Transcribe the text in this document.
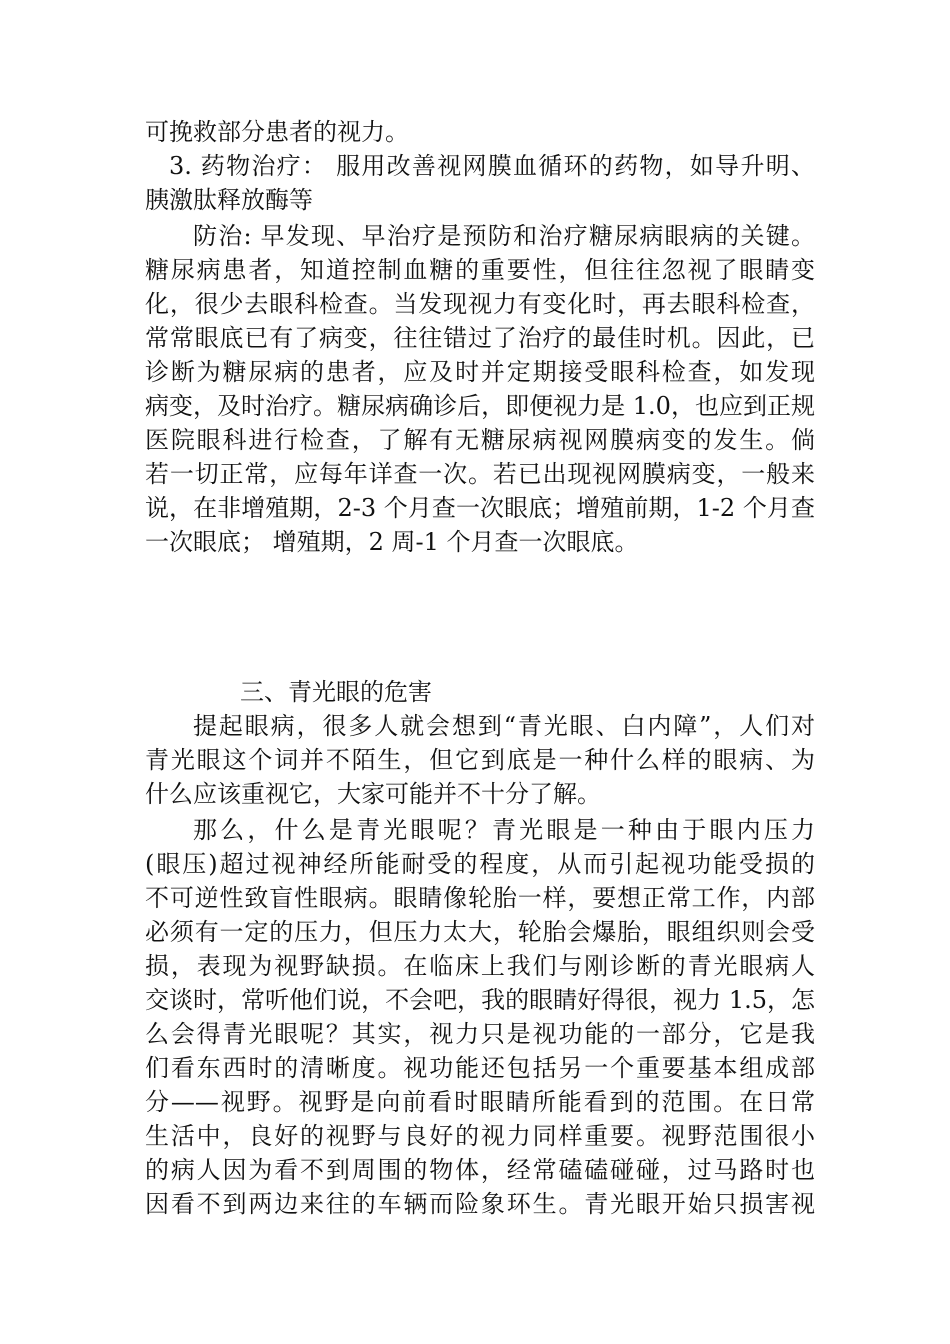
可挽救部分患者的视力。
3. 药物治疗： 服用改善视网膜血循环的药物，如导升明、
胰激肽释放酶等
防治: 早发现、早治疗是预防和治疗糖尿病眼病的关键。
糖尿病患者，知道控制血糖的重要性，但往往忽视了眼睛变
化，很少去眼科检查。当发现视力有变化时，再去眼科检查，
常常眼底已有了病变，往往错过了治疗的最佳时机。因此，已
诊断为糖尿病的患者，应及时并定期接受眼科检查，如发现
病变，及时治疗。糖尿病确诊后，即便视力是 1.0，也应到正规
医院眼科进行检查，了解有无糖尿病视网膜病变的发生。倘
若一切正常，应每年详查一次。若已出现视网膜病变，一般来
说，在非增殖期，2-3 个月查一次眼底；增殖前期，1-2 个月查
一次眼底； 增殖期，2 周-1 个月查一次眼底。
三、青光眼的危害
提起眼病，很多人就会想到“青光眼、白内障”，人们对
青光眼这个词并不陌生，但它到底是一种什么样的眼病、为
什么应该重视它，大家可能并不十分了解。
那么，什么是青光眼呢？青光眼是一种由于眼内压力
(眼压)超过视神经所能耐受的程度，从而引起视功能受损的
不可逆性致盲性眼病。眼睛像轮胎一样，要想正常工作，内部
必须有一定的压力，但压力太大，轮胎会爆胎，眼组织则会受
损，表现为视野缺损。在临床上我们与刚诊断的青光眼病人
交谈时，常听他们说，不会吧，我的眼睛好得很，视力 1.5，怎
么会得青光眼呢？其实，视力只是视功能的一部分，它是我
们看东西时的清晰度。视功能还包括另一个重要基本组成部
分——视野。视野是向前看时眼睛所能看到的范围。在日常
生活中，良好的视野与良好的视力同样重要。视野范围很小
的病人因为看不到周围的物体，经常磕磕碰碰，过马路时也
因看不到两边来往的车辆而险象环生。青光眼开始只损害视
